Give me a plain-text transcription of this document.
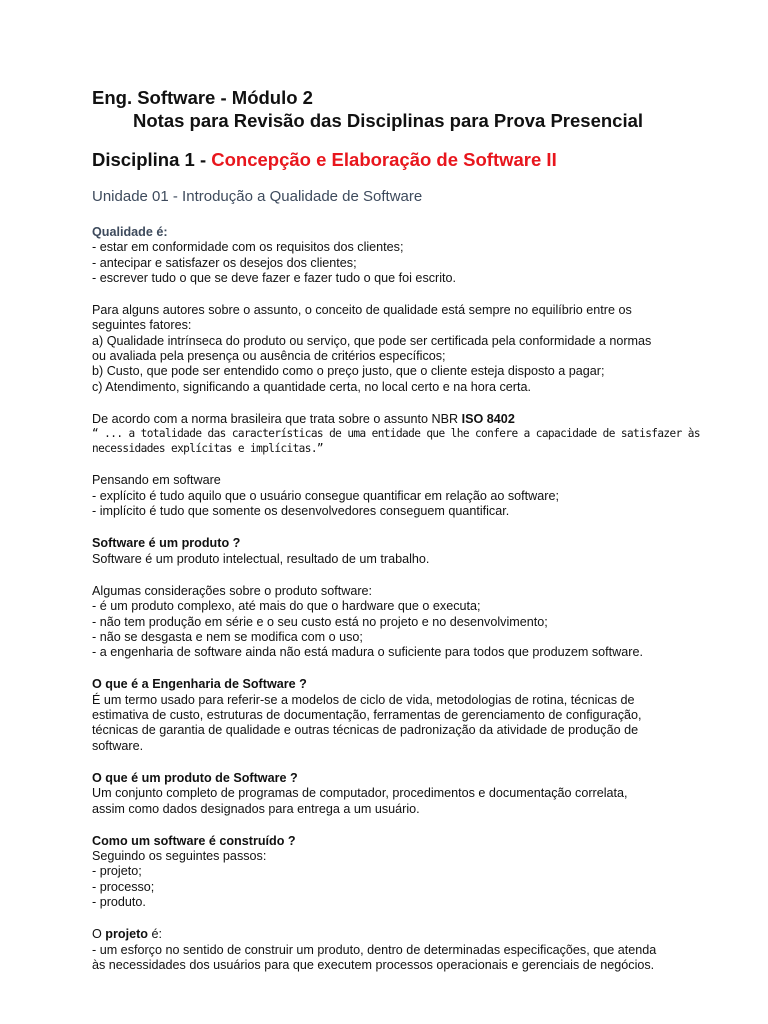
Eng. Software - Módulo 2
Notas para Revisão das Disciplinas para Prova Presencial
Disciplina 1 - Concepção e Elaboração de Software II
Unidade 01 - Introdução a Qualidade de Software
Qualidade é:
- estar em conformidade com os requisitos dos clientes;
- antecipar e satisfazer os desejos dos clientes;
- escrever tudo o que se deve fazer e fazer tudo o que foi escrito.
Para alguns autores sobre o assunto, o conceito de qualidade está sempre no equilíbrio entre os
seguintes fatores:
a) Qualidade intrínseca do produto ou serviço, que pode ser certificada pela conformidade a normas
ou avaliada pela presença ou ausência de critérios específicos;
b) Custo, que pode ser entendido como o preço justo, que o cliente esteja disposto a pagar;
c) Atendimento, significando a quantidade certa, no local certo e na hora certa.
De acordo com a norma brasileira que trata sobre o assunto NBR ISO 8402
“ ... a totalidade das características de uma entidade que lhe confere a capacidade de satisfazer às
necessidades explícitas e implícitas.”
Pensando em software
- explícito é tudo aquilo que o usuário consegue quantificar em relação ao software;
- implícito é tudo que somente os desenvolvedores conseguem quantificar.
Software é um produto ?
Software é um produto intelectual, resultado de um trabalho.
Algumas considerações sobre o produto software:
- é um produto complexo, até mais do que o hardware que o executa;
- não tem produção em série e o seu custo está no projeto e no desenvolvimento;
- não se desgasta e nem se modifica com o uso;
- a engenharia de software ainda não está madura o suficiente para todos que produzem software.
O que é a Engenharia de Software ?
É um termo usado para referir-se a modelos de ciclo de vida, metodologias de rotina, técnicas de
estimativa de custo, estruturas de documentação, ferramentas de gerenciamento de configuração,
técnicas de garantia de qualidade e outras técnicas de padronização da atividade de produção de
software.
O que é um produto de Software ?
Um conjunto completo de programas de computador, procedimentos e documentação correlata,
assim como dados designados para entrega a um usuário.
Como um software é construído ?
Seguindo os seguintes passos:
- projeto;
- processo;
- produto.
O projeto é:
- um esforço no sentido de construir um produto, dentro de determinadas especificações, que atenda
às necessidades dos usuários para que executem processos operacionais e gerenciais de negócios.
